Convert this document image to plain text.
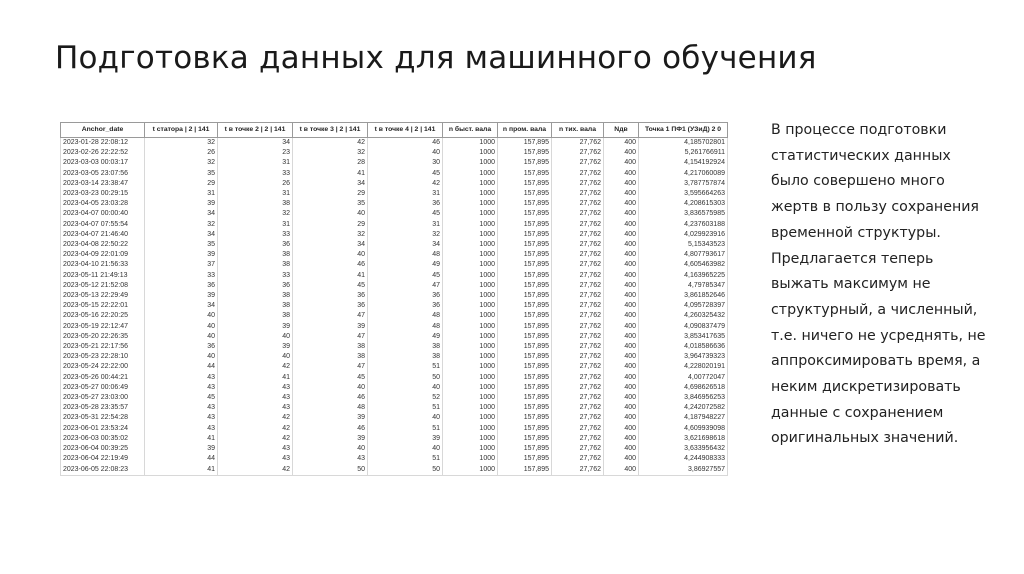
Подготовка данных для машинного обучения
Anchor_date	t статора | 2 | 141	t в точке 2 | 2 | 141	t в точке 3 | 2 | 141	t в точке 4 | 2 | 141	n быст. вала	n пром. вала	n тих. вала	Nдв	Точка 1 ПФ1 (УЗиД) 2 0
2023-01-28 22:08:12	32	34	42	46	1000	157,895	27,762	400	4,185702801
2023-02-26 22:22:52	26	23	32	40	1000	157,895	27,762	400	5,261766911
2023-03-03 00:03:17	32	31	28	30	1000	157,895	27,762	400	4,154192924
2023-03-05 23:07:56	35	33	41	45	1000	157,895	27,762	400	4,217060089
2023-03-14 23:38:47	29	26	34	42	1000	157,895	27,762	400	3,787757874
2023-03-23 00:29:15	31	31	29	31	1000	157,895	27,762	400	3,595664263
2023-04-05 23:03:28	39	38	35	36	1000	157,895	27,762	400	4,208615303
2023-04-07 00:00:40	34	32	40	45	1000	157,895	27,762	400	3,836575985
2023-04-07 07:55:54	32	31	29	31	1000	157,895	27,762	400	4,237603188
2023-04-07 21:46:40	34	33	32	32	1000	157,895	27,762	400	4,029923916
2023-04-08 22:50:22	35	36	34	34	1000	157,895	27,762	400	5,15343523
2023-04-09 22:01:09	39	38	40	48	1000	157,895	27,762	400	4,807793617
2023-04-10 21:56:33	37	38	46	49	1000	157,895	27,762	400	4,605463982
2023-05-11 21:49:13	33	33	41	45	1000	157,895	27,762	400	4,163965225
2023-05-12 21:52:08	36	36	45	47	1000	157,895	27,762	400	4,79785347
2023-05-13 22:29:49	39	38	36	36	1000	157,895	27,762	400	3,861852646
2023-05-15 22:22:01	34	38	36	36	1000	157,895	27,762	400	4,095728397
2023-05-16 22:20:25	40	38	47	48	1000	157,895	27,762	400	4,260325432
2023-05-19 22:12:47	40	39	39	48	1000	157,895	27,762	400	4,090837479
2023-05-20 22:26:35	40	40	47	49	1000	157,895	27,762	400	3,853417635
2023-05-21 22:17:56	36	39	38	38	1000	157,895	27,762	400	4,018586636
2023-05-23 22:28:10	40	40	38	38	1000	157,895	27,762	400	3,964739323
2023-05-24 22:22:00	44	42	47	51	1000	157,895	27,762	400	4,228020191
2023-05-26 00:44:21	43	41	45	50	1000	157,895	27,762	400	4,00772047
2023-05-27 00:06:49	43	43	40	40	1000	157,895	27,762	400	4,698626518
2023-05-27 23:03:00	45	43	46	52	1000	157,895	27,762	400	3,846956253
2023-05-28 23:35:57	43	43	48	51	1000	157,895	27,762	400	4,242072582
2023-05-31 22:54:28	43	42	39	40	1000	157,895	27,762	400	4,187948227
2023-06-01 23:53:24	43	42	46	51	1000	157,895	27,762	400	4,609939098
2023-06-03 00:35:02	41	42	39	39	1000	157,895	27,762	400	3,621698618
2023-06-04 00:39:25	39	43	40	40	1000	157,895	27,762	400	3,633956432
2023-06-04 22:19:49	44	43	43	51	1000	157,895	27,762	400	4,244908333
2023-06-05 22:08:23	41	42	50	50	1000	157,895	27,762	400	3,86927557

В процессе подготовки статистических данных было совершено много жертв в пользу сохранения временной структуры. Предлагается теперь выжать максимум не структурный, а численный, т.е. ничего не усреднять, не аппроксимировать время, а неким дискретизировать данные с сохранением оригинальных значений.
